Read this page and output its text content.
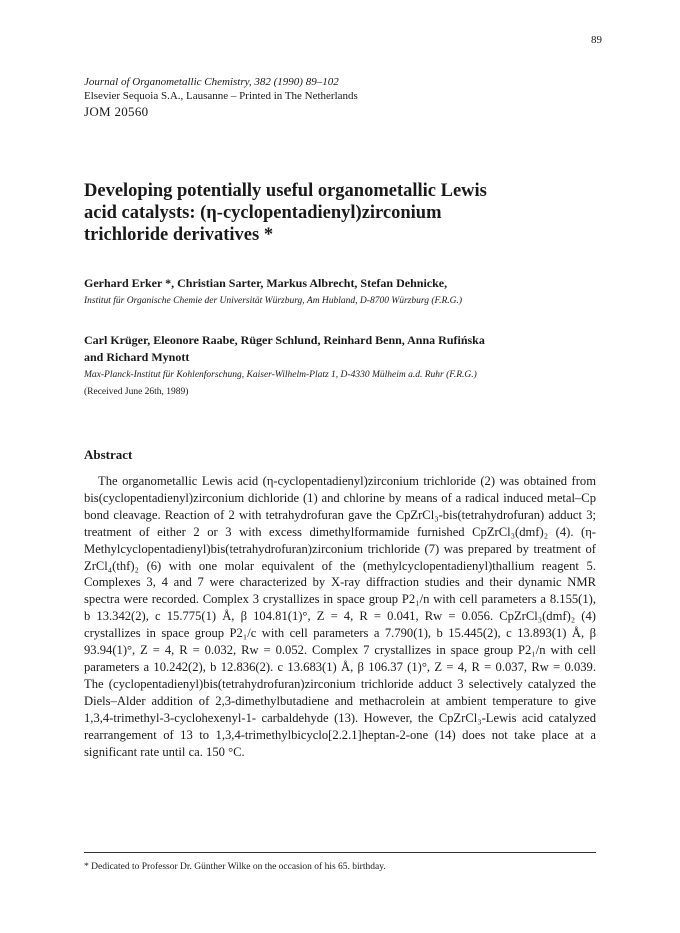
89
Journal of Organometallic Chemistry, 382 (1990) 89–102
Elsevier Sequoia S.A., Lausanne – Printed in The Netherlands
JOM 20560
Developing potentially useful organometallic Lewis
acid catalysts: (η-cyclopentadienyl)zirconium
trichloride derivatives *
Gerhard Erker *, Christian Sarter, Markus Albrecht, Stefan Dehnicke,
Institut für Organische Chemie der Universität Würzburg, Am Hubland, D-8700 Würzburg (F.R.G.)
Carl Krüger, Eleonore Raabe, Rüger Schlund, Reinhard Benn, Anna Rufińska
and Richard Mynott
Max-Planck-Institut für Kohlenforschung, Kaiser-Wilhelm-Platz 1, D-4330 Mülheim a.d. Ruhr (F.R.G.)
(Received June 26th, 1989)
Abstract

The organometallic Lewis acid (η-cyclopentadienyl)zirconium trichloride (2) was obtained from bis(cyclopentadienyl)zirconium dichloride (1) and chlorine by means of a radical induced metal–Cp bond cleavage. Reaction of 2 with tetrahydrofuran gave the CpZrCl₃-bis(tetrahydrofuran) adduct 3; treatment of either 2 or 3 with excess dimethylformamide furnished CpZrCl₃(dmf)₂ (4). (η-Methylcyclopentadienyl)bis(tetrahydrofuran)zirconium trichloride (7) was prepared by treatment of ZrCl₄(thf)₂ (6) with one molar equivalent of the (methylcyclopentadienyl)thallium reagent 5. Complexes 3, 4 and 7 were characterized by X-ray diffraction studies and their dynamic NMR spectra were recorded. Complex 3 crystallizes in space group P2₁/n with cell parameters a 8.155(1), b 13.342(2), c 15.775(1) Å, β 104.81(1)°, Z = 4, R = 0.041, Rw = 0.056. CpZrCl₃(dmf)₂ (4) crystallizes in space group P2₁/c with cell parameters a 7.790(1), b 15.445(2), c 13.893(1) Å, β 93.94(1)°, Z = 4, R = 0.032, Rw = 0.052. Complex 7 crystallizes in space group P2₁/n with cell parameters a 10.242(2), b 12.836(2). c 13.683(1) Å, β 106.37 (1)°, Z = 4, R = 0.037, Rw = 0.039. The (cyclopentadienyl)bis(tetrahydrofuran)zirconium trichloride adduct 3 selectively catalyzed the Diels–Alder addition of 2,3-dimethylbutadiene and methacrolein at ambient temperature to give 1,3,4-trimethyl-3-cyclohexenyl-1- carbaldehyde (13). However, the CpZrCl₃-Lewis acid catalyzed rearrangement of 13 to 1,3,4-trimethylbicyclo[2.2.1]heptan-2-one (14) does not take place at a significant rate until ca. 150 °C.

* Dedicated to Professor Dr. Günther Wilke on the occasion of his 65. birthday.
